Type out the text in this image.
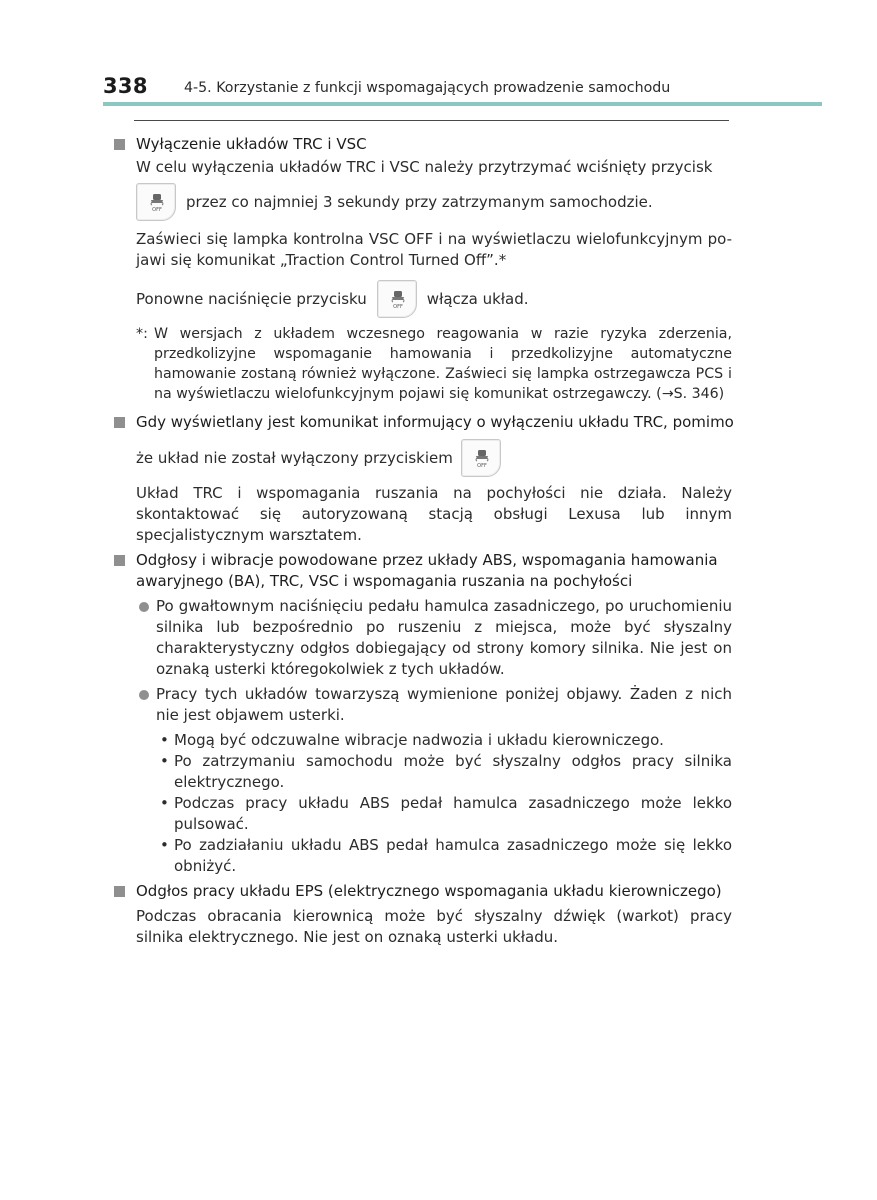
338	4-5. Korzystanie z funkcji wspomagających prowadzenie samochodu
Wyłączenie układów TRC i VSC

W celu wyłączenia układów TRC i VSC należy przytrzymać wciśnięty przycisk

OFF przez co najmniej 3 sekundy przy zatrzymanym samochodzie.

Zaświeci się lampka kontrolna VSC OFF i na wyświetlaczu wielofunkcyjnym po-jawi się komunikat „Traction Control Turned Off”.*

Ponowne naciśnięcie przycisku	OFF włącza układ.
*: W wersjach z układem wczesnego reagowania w razie ryzyka zderzenia, przedkolizyjne wspomaganie hamowania i przedkolizyjne automatyczne hamowanie zostaną również wyłączone. Zaświeci się lampka ostrzegawcza PCS i na wyświetlaczu wielofunkcyjnym pojawi się komunikat ostrzegawczy. (→S. 346)
Gdy wyświetlany jest komunikat informujący o wyłączeniu układu TRC, pomimo
że układ nie został wyłączony przyciskiem	OFF

Układ TRC i wspomagania ruszania na pochyłości nie działa. Należy skontaktować się autoryzowaną stacją obsługi Lexusa lub innym specjalistycznym warsztatem.

Odgłosy i wibracje powodowane przez układy ABS, wspomagania hamowania awaryjnego (BA), TRC, VSC i wspomagania ruszania na pochyłości
Po gwałtownym naciśnięciu pedału hamulca zasadniczego, po uruchomieniu silnika lub bezpośrednio po ruszeniu z miejsca, może być słyszalny charakterystyczny odgłos dobiegający od strony komory silnika. Nie jest on oznaką usterki któregokolwiek z tych układów.
Pracy tych układów towarzyszą wymienione poniżej objawy. Żaden z nich nie jest objawem usterki.
• Mogą być odczuwalne wibracje nadwozia i układu kierowniczego.
• Po zatrzymaniu samochodu może być słyszalny odgłos pracy silnika elektrycznego.
• Podczas pracy układu ABS pedał hamulca zasadniczego może lekko pulsować.
• Po zadziałaniu układu ABS pedał hamulca zasadniczego może się lekko obniżyć.
Odgłos pracy układu EPS (elektrycznego wspomagania układu kierowniczego)

Podczas obracania kierownicą może być słyszalny dźwięk (warkot) pracy silnika elektrycznego. Nie jest on oznaką usterki układu.
